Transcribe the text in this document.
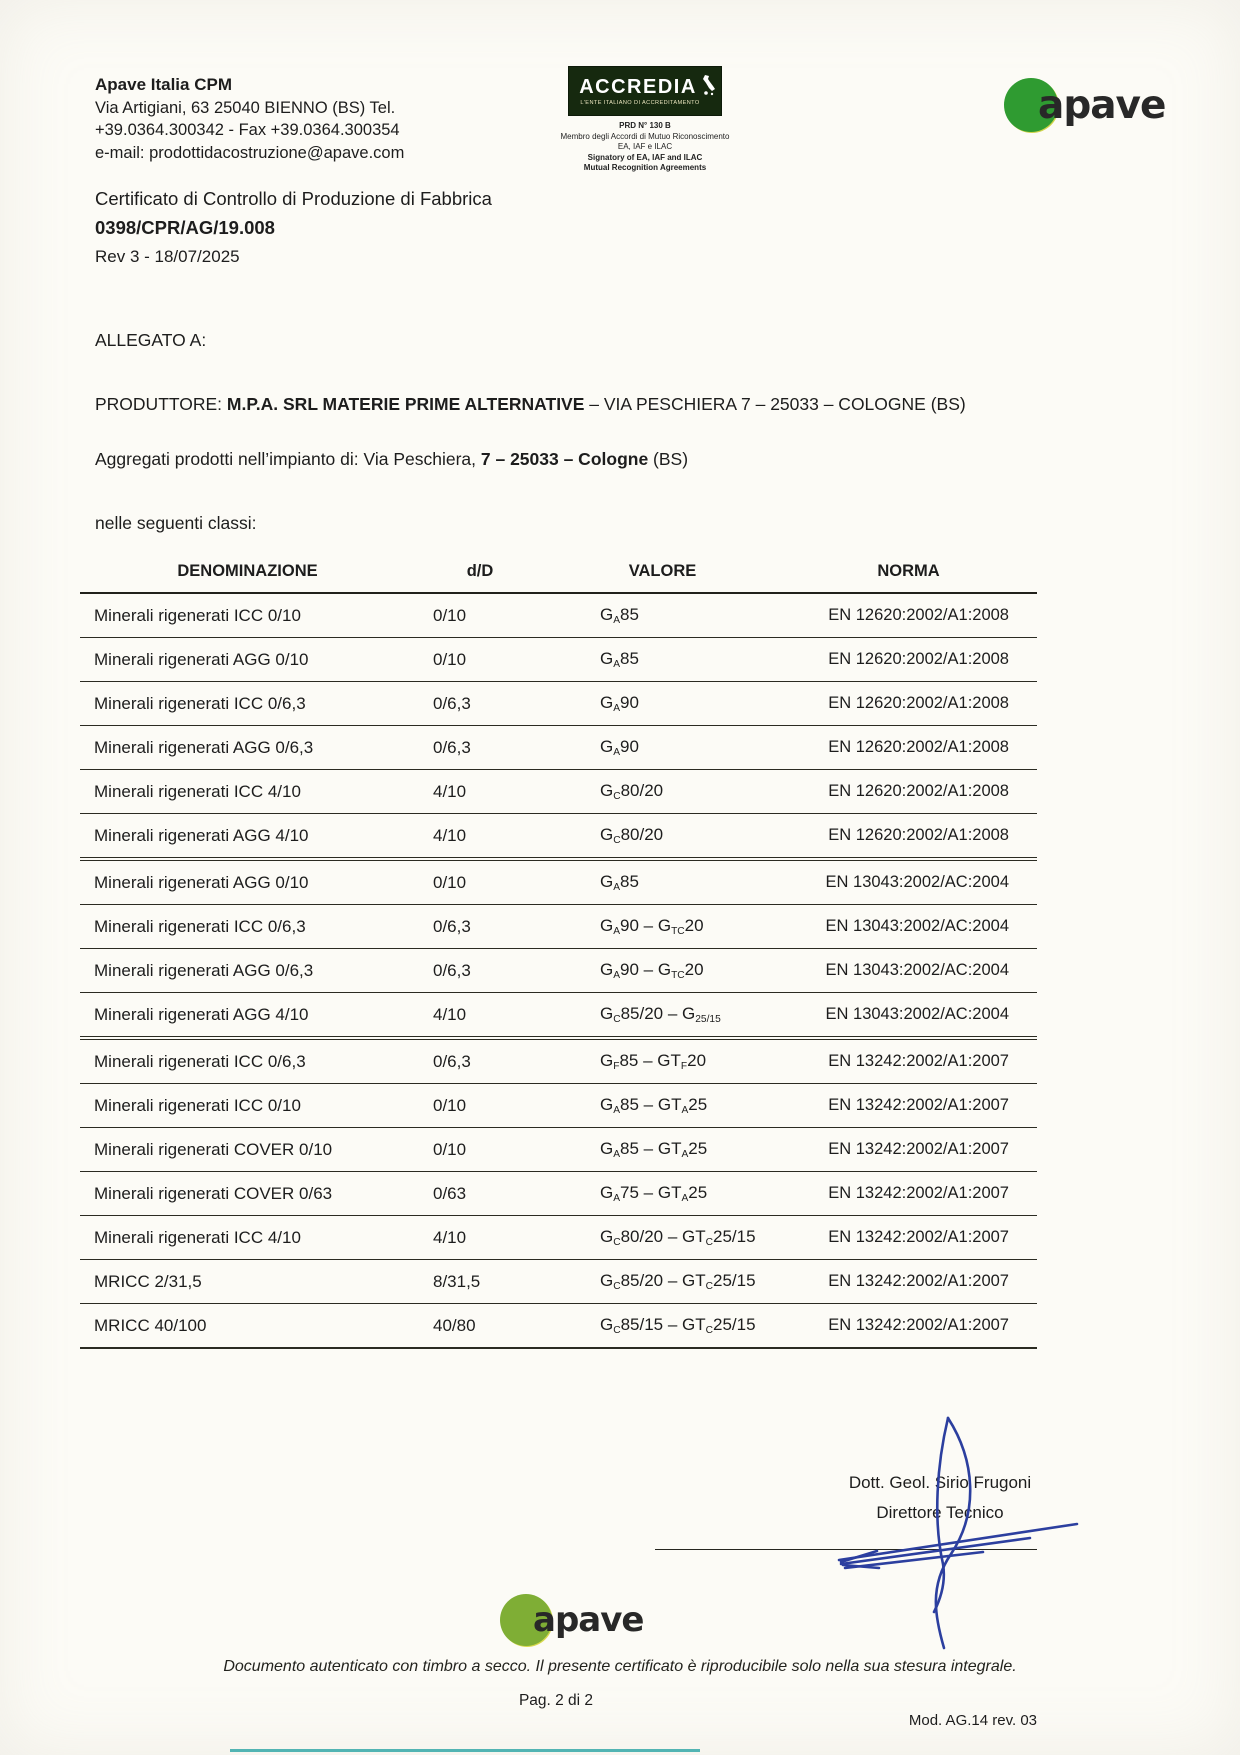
Apave Italia CPM
Via Artigiani, 63 25040 BIENNO (BS) Tel.
+39.0364.300342 - Fax +39.0364.300354
e-mail: prodottidacostruzione@apave.com
ACCREDIA
L'ENTE ITALIANO DI ACCREDITAMENTO
PRD N° 130 B
Membro degli Accordi di Mutuo Riconoscimento
EA, IAF e ILAC
Signatory of EA, IAF and ILAC
Mutual Recognition Agreements
apave
Certificato di Controllo di Produzione di Fabbrica
0398/CPR/AG/19.008
Rev 3 - 18/07/2025
ALLEGATO A:
PRODUTTORE: M.P.A. SRL MATERIE PRIME ALTERNATIVE – VIA PESCHIERA 7 – 25033 – COLOGNE (BS)
Aggregati prodotti nell’impianto di: Via Peschiera, 7 – 25033 – Cologne (BS)
nelle seguenti classi:
DENOMINAZIONE	d/D	VALORE	NORMA
Minerali rigenerati ICC 0/10	0/10	$G_A85$	EN 12620:2002/A1:2008
Minerali rigenerati AGG 0/10	0/10	$G_A85$	EN 12620:2002/A1:2008
Minerali rigenerati ICC 0/6,3	0/6,3	$G_A90$	EN 12620:2002/A1:2008
Minerali rigenerati AGG 0/6,3	0/6,3	$G_A90$	EN 12620:2002/A1:2008
Minerali rigenerati ICC 4/10	4/10	$G_C80/20$	EN 12620:2002/A1:2008
Minerali rigenerati AGG 4/10	4/10	$G_C80/20$	EN 12620:2002/A1:2008
Minerali rigenerati AGG 0/10	0/10	$G_A85$	EN 13043:2002/AC:2004
Minerali rigenerati ICC 0/6,3	0/6,3	$G_A90 - G_{TC}20$	EN 13043:2002/AC:2004
Minerali rigenerati AGG 0/6,3	0/6,3	$G_A90 - G_{TC}20$	EN 13043:2002/AC:2004
Minerali rigenerati AGG 4/10	4/10	$G_C85/20 - G_{25/15}$	EN 13043:2002/AC:2004
Minerali rigenerati ICC 0/6,3	0/6,3	$G_F85 - GT_F20$	EN 13242:2002/A1:2007
Minerali rigenerati ICC 0/10	0/10	$G_A85 - GT_A25$	EN 13242:2002/A1:2007
Minerali rigenerati COVER 0/10	0/10	$G_A85 - GT_A25$	EN 13242:2002/A1:2007
Minerali rigenerati COVER 0/63	0/63	$G_A75 - GT_A25$	EN 13242:2002/A1:2007
Minerali rigenerati ICC 4/10	4/10	$G_C80/20 - GT_C25/15$	EN 13242:2002/A1:2007
MRICC 2/31,5	8/31,5	$G_C85/20 - GT_C25/15$	EN 13242:2002/A1:2007
MRICC 40/100	40/80	$G_C85/15 - GT_C25/15$	EN 13242:2002/A1:2007
Dott. Geol. Sirio Frugoni
Direttore Tecnico
apave
Documento autenticato con timbro a secco. Il presente certificato è riproducibile solo nella sua stesura integrale.
Pag. 2 di 2
Mod. AG.14 rev. 03
